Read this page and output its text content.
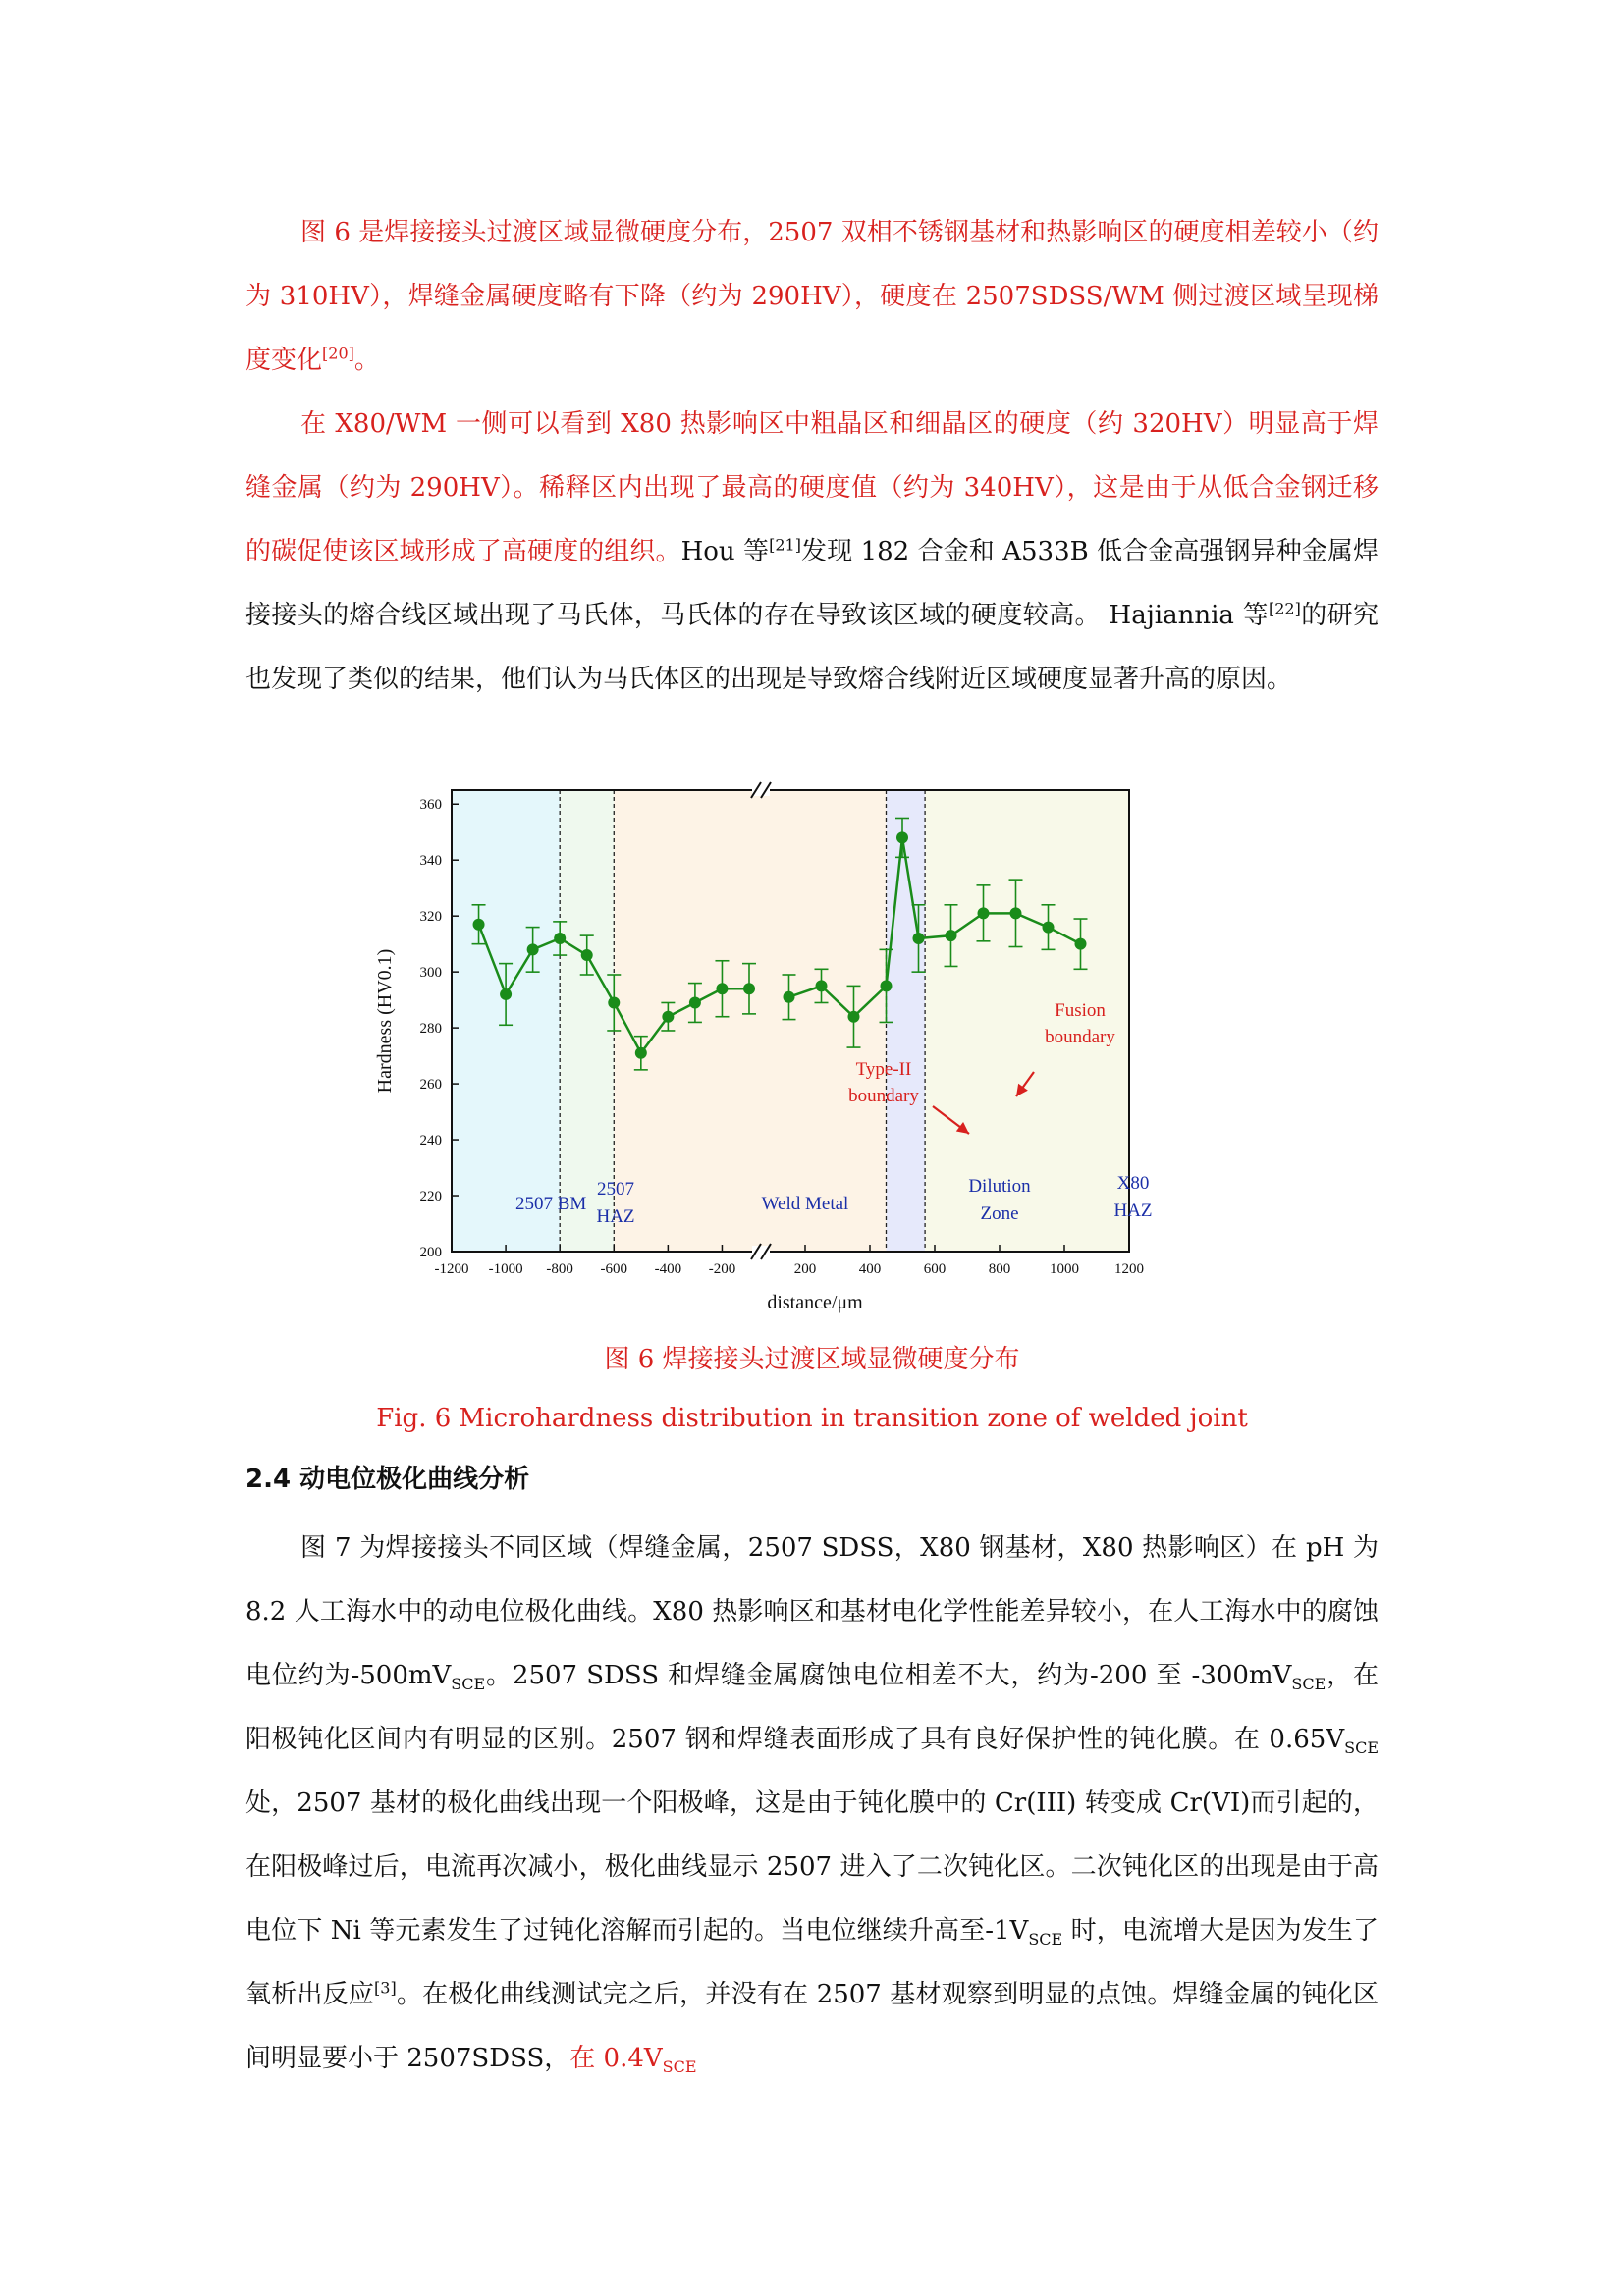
图 6 是焊接接头过渡区域显微硬度分布，2507 双相不锈钢基材和热影响区的硬度相差较小（约为 310HV），焊缝金属硬度略有下降（约为 290HV），硬度在 2507SDSS/WM 侧过渡区域呈现梯度变化[20]。

在 X80/WM 一侧可以看到 X80 热影响区中粗晶区和细晶区的硬度（约 320HV）明显高于焊缝金属（约为 290HV）。稀释区内出现了最高的硬度值（约为 340HV），这是由于从低合金钢迁移的碳促使该区域形成了高硬度的组织。Hou 等[21]发现 182 合金和 A533B 低合金高强钢异种金属焊接接头的熔合线区域出现了马氏体，马氏体的存在导致该区域的硬度较高。 Hajiannia 等[22]的研究也发现了类似的结果，他们认为马氏体区的出现是导致熔合线附近区域硬度显著升高的原因。

200
220
240
260
280
300
320
340
360
-1200 -1000 -800 -600 -400 -200	200	400	600	800	1000 1200
2507 BM
2507
HAZ
Weld Metal
Dilution
Zone
X80
HAZ
Type-II
boundary
Fusion
boundary
distance/μm
Hardness (HV0.1)

图 6 焊接接头过渡区域显微硬度分布

Fig. 6 Microhardness distribution in transition zone of welded joint

2.4 动电位极化曲线分析

图 7 为焊接接头不同区域（焊缝金属，2507 SDSS，X80 钢基材，X80 热影响区）在 pH 为 8.2 人工海水中的动电位极化曲线。X80 热影响区和基材电化学性能差异较小，在人工海水中的腐蚀电位约为$-500mV_{SCE}$。2507 SDSS 和焊缝金属腐蚀电位相差不大，约为-200 至 $-300mV_{SCE}$，在阳极钝化区间内有明显的区别。2507 钢和焊缝表面形成了具有良好保护性的钝化膜。在 $0.65V_{SCE}$ 处，2507 基材的极化曲线出现一个阳极峰，这是由于钝化膜中的 Cr(III) 转变成 Cr(VI)而引起的，在阳极峰过后，电流再次减小，极化曲线显示 2507 进入了二次钝化区。二次钝化区的出现是由于高电位下 Ni 等元素发生了过钝化溶解而引起的。当电位继续升高至$-1V_{SCE}$ 时，电流增大是因为发生了氧析出反应[3]。在极化曲线测试完之后，并没有在 2507 基材观察到明显的点蚀。焊缝金属的钝化区间明显要小于 2507SDSS，在 $0.4V_{SCE}$
